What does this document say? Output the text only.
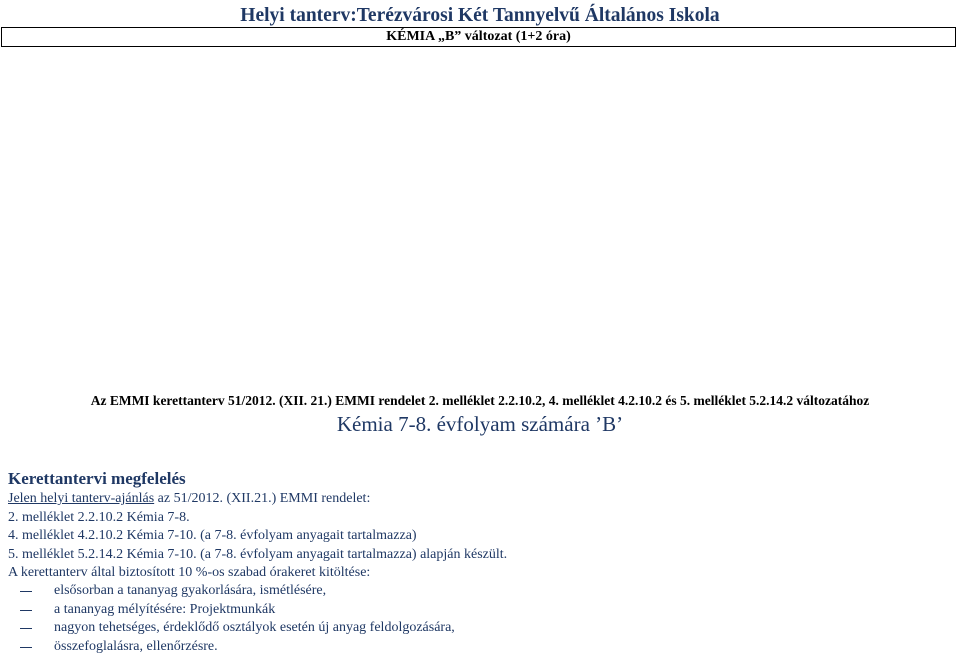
Helyi tanterv:Terézvárosi Két Tannyelvű Általános Iskola
KÉMIA „B” változat (1+2 óra)
Az EMMI kerettanterv 51/2012. (XII. 21.) EMMI rendelet 2. melléklet 2.2.10.2, 4. melléklet 4.2.10.2 és 5. melléklet 5.2.14.2 változatához
Kémia 7-8. évfolyam számára ’B’
Kerettantervi megfelelés
Jelen helyi tanterv-ajánlás az 51/2012. (XII.21.) EMMI rendelet:
2. melléklet 2.2.10.2 Kémia 7-8.
4. melléklet 4.2.10.2 Kémia 7-10. (a 7-8. évfolyam anyagait tartalmazza)
5. melléklet 5.2.14.2 Kémia 7-10. (a 7-8. évfolyam anyagait tartalmazza) alapján készült.
A kerettanterv által biztosított 10 %-os szabad órakeret kitöltése:
elsősorban a tananyag gyakorlására, ismétlésére,
a tananyag mélyítésére: Projektmunkák
nagyon tehetséges, érdeklődő osztályok esetén új anyag feldolgozására,
összefoglalásra, ellenőrzésre.
